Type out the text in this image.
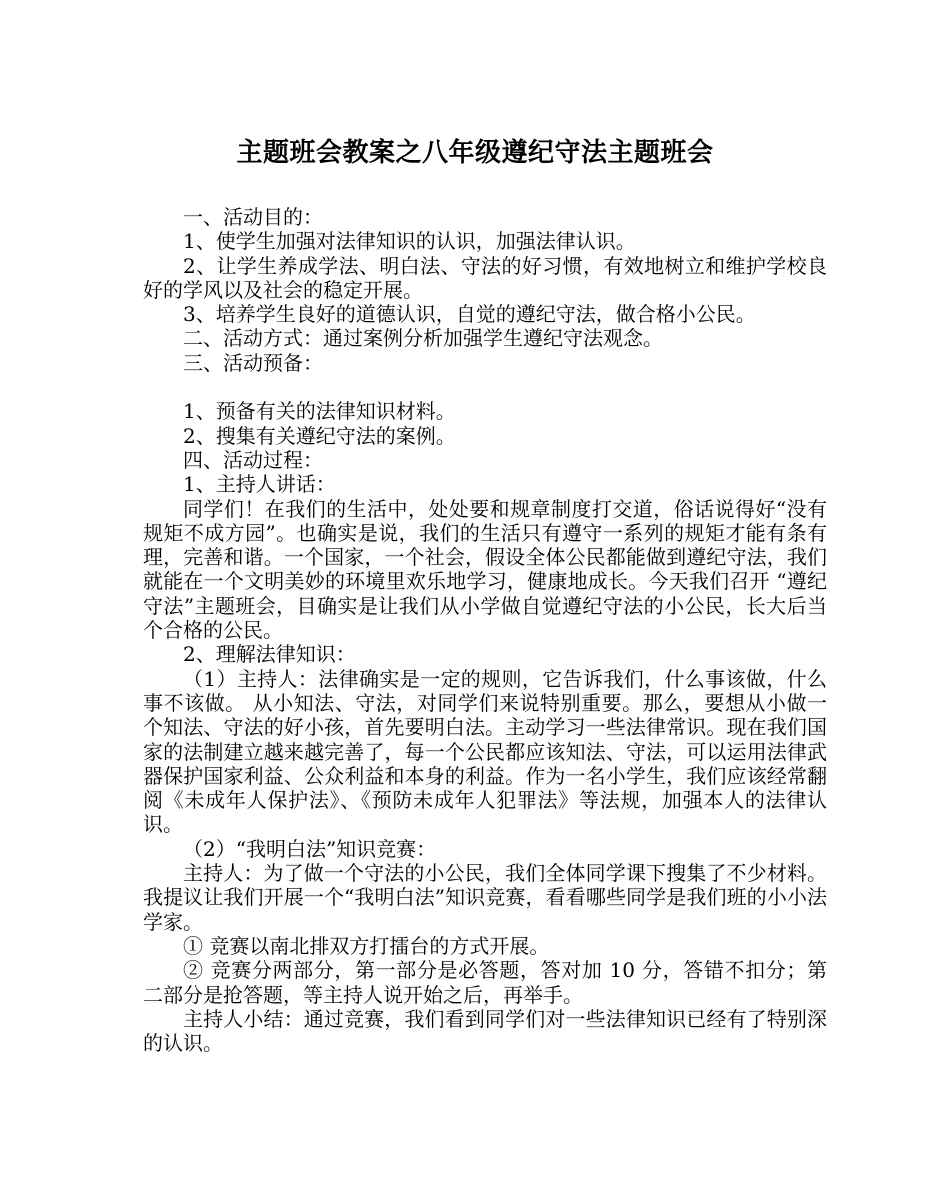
主题班会教案之八年级遵纪守法主题班会

一、活动目的：

1、使学生加强对法律知识的认识，加强法律认识。

2、让学生养成学法、明白法、守法的好习惯，有效地树立和维护学校良好的学风以及社会的稳定开展。

3、培养学生良好的道德认识，自觉的遵纪守法，做合格小公民。

二、活动方式：通过案例分析加强学生遵纪守法观念。

三、活动预备：

1、预备有关的法律知识材料。

2、搜集有关遵纪守法的案例。

四、活动过程：

1、主持人讲话：

同学们！在我们的生活中，处处要和规章制度打交道，俗话说得好“没有规矩不成方园”。也确实是说，我们的生活只有遵守一系列的规矩才能有条有理，完善和谐。一个国家，一个社会，假设全体公民都能做到遵纪守法，我们就能在一个文明美妙的环境里欢乐地学习，健康地成长。今天我们召开 “遵纪守法”主题班会，目确实是让我们从小学做自觉遵纪守法的小公民，长大后当个合格的公民。

2、理解法律知识：

（1）主持人：法律确实是一定的规则，它告诉我们，什么事该做，什么事不该做。 从小知法、守法，对同学们来说特别重要。那么，要想从小做一个知法、守法的好小孩，首先要明白法。主动学习一些法律常识。现在我们国家的法制建立越来越完善了，每一个公民都应该知法、守法，可以运用法律武器保护国家利益、公众利益和本身的利益。作为一名小学生，我们应该经常翻阅《未成年人保护法》、《预防未成年人犯罪法》等法规，加强本人的法律认识。

（2）“我明白法”知识竞赛：

主持人：为了做一个守法的小公民，我们全体同学课下搜集了不少材料。 我提议让我们开展一个“我明白法”知识竞赛，看看哪些同学是我们班的小小法学家。

① 竞赛以南北排双方打擂台的方式开展。

② 竞赛分两部分，第一部分是必答题，答对加 10 分，答错不扣分；第二部分是抢答题，等主持人说开始之后，再举手。

主持人小结：通过竞赛，我们看到同学们对一些法律知识已经有了特别深的认识。
